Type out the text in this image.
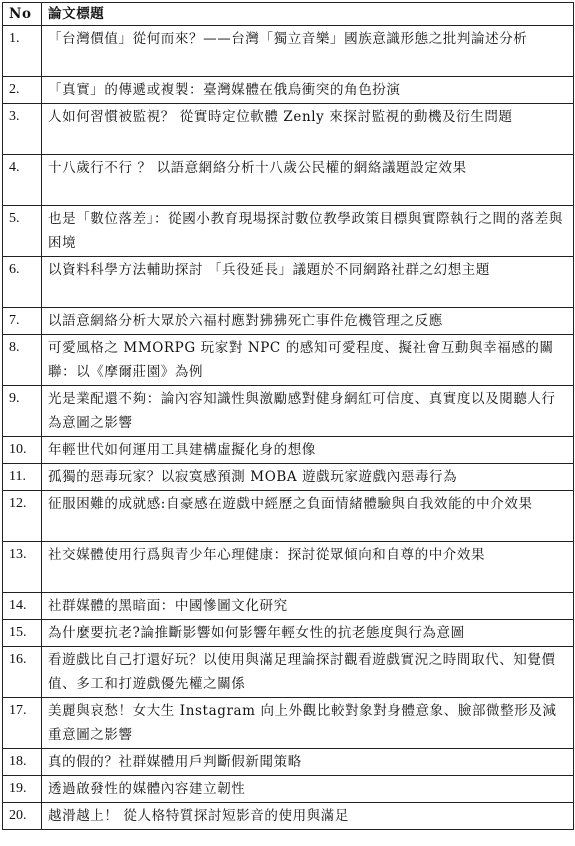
No	論文標題
1.	「台灣價值」從何而來？——台灣「獨立音樂」國族意識形態之批判論述分析
2.	「真實」的傳遞或複製：臺灣媒體在俄烏衝突的角色扮演
3.	人如何習慣被監視？ 從實時定位軟體 Zenly 來探討監視的動機及衍生問題
4.	十八歲行不行 ？ 以語意網絡分析十八歲公民權的網絡議題設定效果
5.	也是「數位落差」：從國小教育現場探討數位教學政策目標與實際執行之間的落差與困境
6.	以資料科學方法輔助探討 「兵役延長」議題於不同網路社群之幻想主題
7.	以語意網絡分析大眾於六福村應對狒狒死亡事件危機管理之反應
8.	可愛風格之 MMORPG 玩家對 NPC 的感知可愛程度、擬社會互動與幸福感的關聯：以《摩爾莊園》為例
9.	光是業配還不夠：論內容知識性與激勵感對健身網紅可信度、真實度以及閱聽人行為意圖之影響
10.	年輕世代如何運用工具建構虛擬化身的想像
11.	孤獨的惡毒玩家？以寂寞感預測 MOBA 遊戲玩家遊戲內惡毒行為
12.	征服困難的成就感:自豪感在遊戲中經歷之負面情緒體驗與自我效能的中介效果
13.	社交媒體使用行爲與青少年心理健康：探討從眾傾向和自尊的中介效果
14.	社群媒體的黑暗面：中國慘圖文化研究
15.	為什麼要抗老?論推斷影響如何影響年輕女性的抗老態度與行為意圖
16.	看遊戲比自己打還好玩？以使用與滿足理論探討觀看遊戲實況之時間取代、知覺價值、多工和打遊戲優先權之關係
17.	美麗與哀愁！女大生 Instagram 向上外觀比較對象對身體意象、臉部微整形及減 重意圖之影響
18.	真的假的？社群媒體用戶判斷假新聞策略
19.	透過啟發性的媒體內容建立韌性
20.	越滑越上！ 從人格特質探討短影音的使用與滿足
